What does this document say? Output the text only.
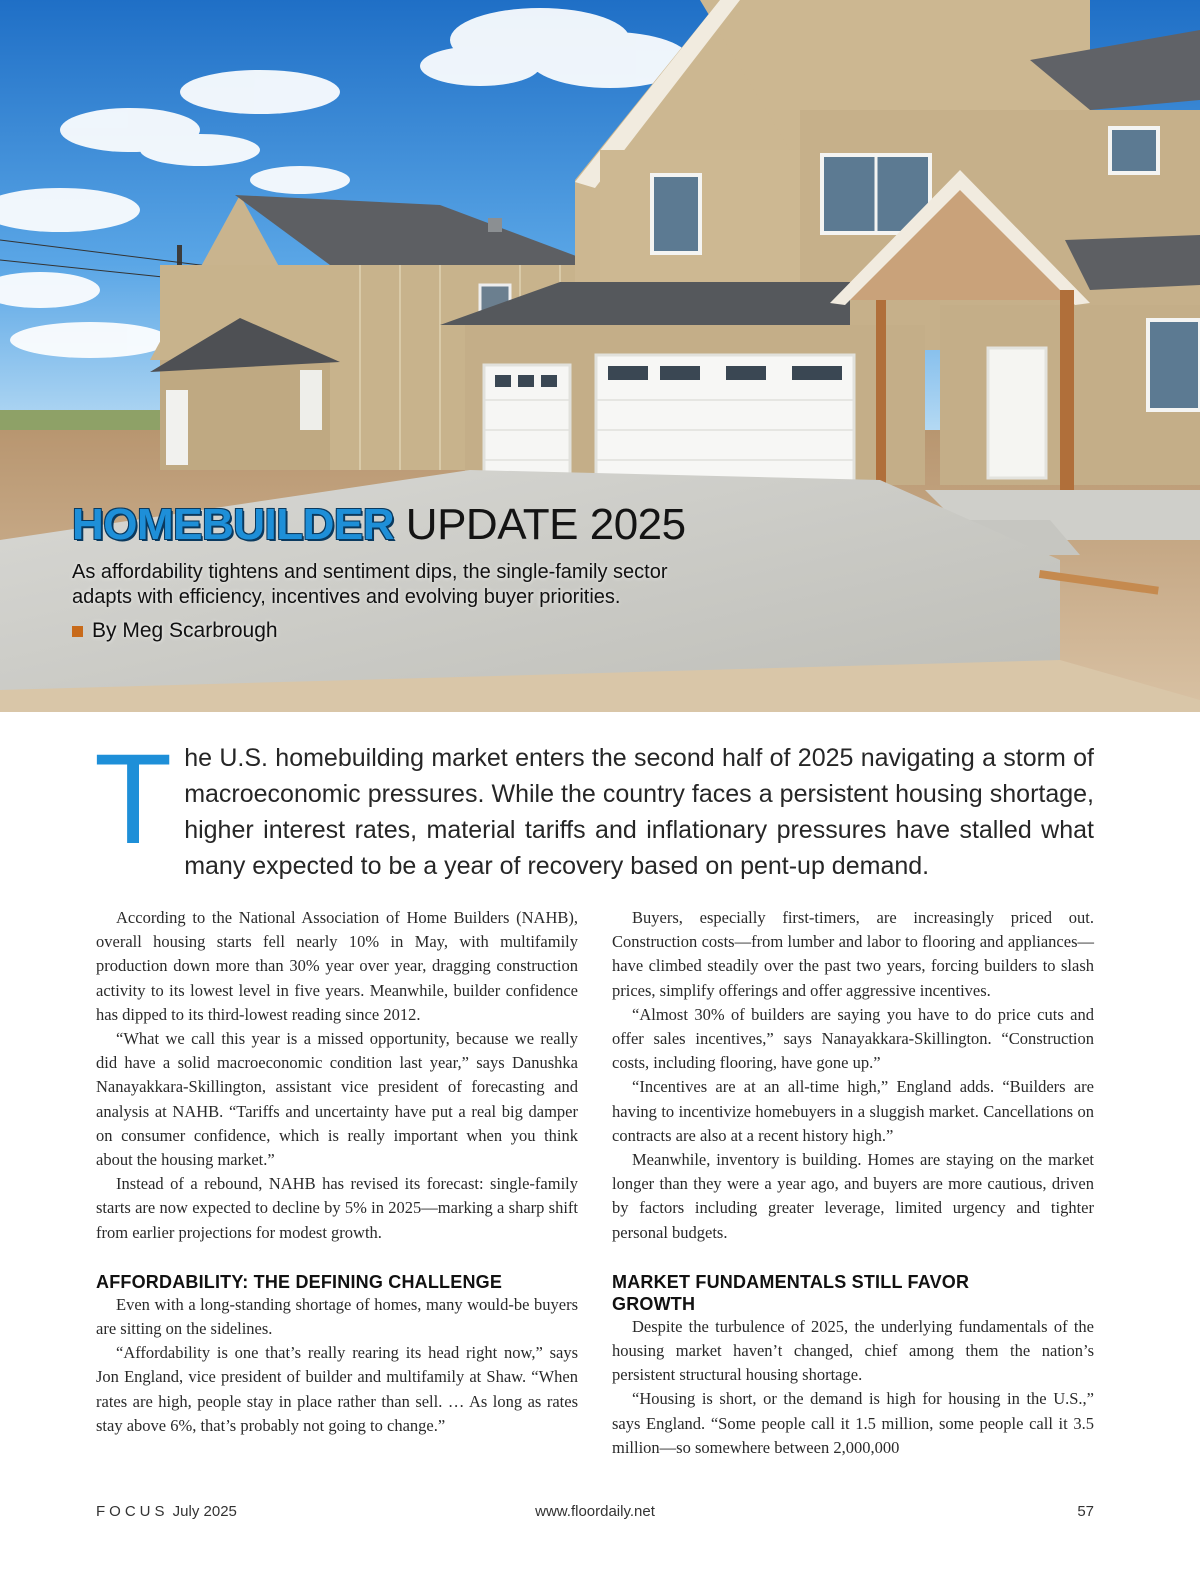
HOMEBUILDER UPDATE 2025

As affordability tightens and sentiment dips, the single-family sector adapts with efficiency, incentives and evolving buyer priorities.

By Meg Scarbrough

The U.S. homebuilding market enters the second half of 2025 navigating a storm of macroeconomic pressures. While the country faces a persistent housing shortage, higher interest rates, material tariffs and inflationary pressures have stalled what many expected to be a year of recovery based on pent-up demand.

According to the National Association of Home Builders (NAHB), overall housing starts fell nearly 10% in May, with multifamily production down more than 30% year over year, dragging construction activity to its lowest level in five years. Meanwhile, builder confidence has dipped to its third-lowest reading since 2012.

“What we call this year is a missed opportunity, because we really did have a solid macroeconomic condition last year,” says Danushka Nanayakkara-Skillington, assistant vice president of forecasting and analysis at NAHB. “Tariffs and uncertainty have put a real big damper on consumer confidence, which is really important when you think about the housing market.”

Instead of a rebound, NAHB has revised its forecast: single-family starts are now expected to decline by 5% in 2025—marking a sharp shift from earlier projections for modest growth.

AFFORDABILITY: THE DEFINING CHALLENGE

Even with a long-standing shortage of homes, many would-be buyers are sitting on the sidelines.

“Affordability is one that’s really rearing its head right now,” says Jon England, vice president of builder and multifamily at Shaw. “When rates are high, people stay in place rather than sell. … As long as rates stay above 6%, that’s probably not going to change.”

Buyers, especially first-timers, are increasingly priced out. Construction costs—from lumber and labor to flooring and appliances—have climbed steadily over the past two years, forcing builders to slash prices, simplify offerings and offer aggressive incentives.

“Almost 30% of builders are saying you have to do price cuts and offer sales incentives,” says Nanayakkara-Skillington. “Construction costs, including flooring, have gone up.”

“Incentives are at an all-time high,” England adds. “Builders are having to incentivize homebuyers in a sluggish market. Cancellations on contracts are also at a recent history high.”

Meanwhile, inventory is building. Homes are staying on the market longer than they were a year ago, and buyers are more cautious, driven by factors including greater leverage, limited urgency and tighter personal budgets.

MARKET FUNDAMENTALS STILL FAVOR GROWTH

Despite the turbulence of 2025, the underlying fundamentals of the housing market haven’t changed, chief among them the nation’s persistent structural housing shortage.

“Housing is short, or the demand is high for housing in the U.S.,” says England. “Some people call it 1.5 million, some people call it 3.5 million—so somewhere between 2,000,000

FOCUS July 2025	www.floordaily.net	57
